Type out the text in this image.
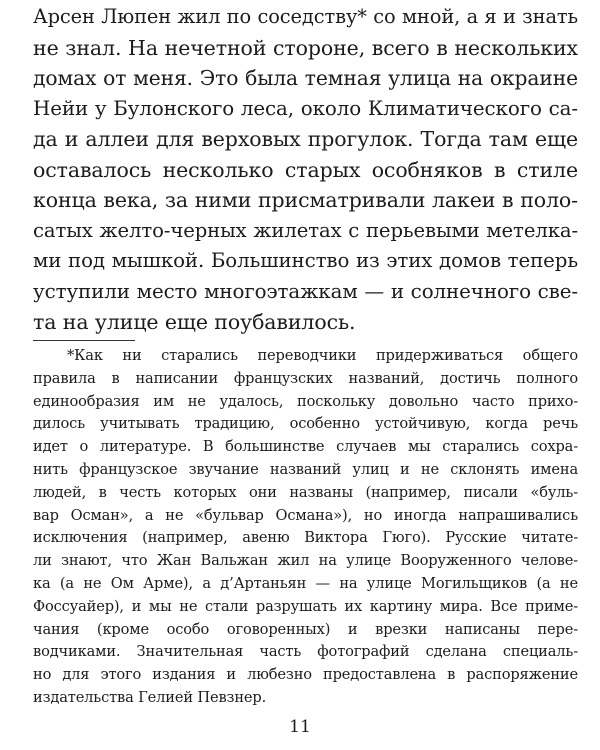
Арсен Люпен жил по соседству* со мной, а я и знать
не знал. На нечетной стороне, всего в нескольких
домах от меня. Это была темная улица на окраине
Нейи у Булонского леса, около Климатического са-
да и аллеи для верховых прогулок. Тогда там еще
оставалось несколько старых особняков в стиле
конца века, за ними присматривали лакеи в поло-
сатых желто-черных жилетах с перьевыми метелка-
ми под мышкой. Большинство из этих домов теперь
уступили место многоэтажкам — и солнечного све-
та на улице еще поубавилось.
*Как ни старались переводчики придерживаться общего
правила в написании французских названий, достичь полного
единообразия им не удалось, поскольку довольно часто прихо-
дилось учитывать традицию, особенно устойчивую, когда речь
идет о литературе. В большинстве случаев мы старались сохра-
нить французское звучание названий улиц и не склонять имена
людей, в честь которых они названы (например, писали «буль-
вар Осман», а не «бульвар Османа»), но иногда напрашивались
исключения (например, авеню Виктора Гюго). Русские читате-
ли знают, что Жан Вальжан жил на улице Вооруженного челове-
ка (а не Ом Арме), а д’Артаньян — на улице Могильщиков (а не
Фоссуайер), и мы не стали разрушать их картину мира. Все приме-
чания (кроме особо оговоренных) и врезки написаны пере-
водчиками. Значительная часть фотографий сделана специаль-
но для этого издания и любезно предоставлена в распоряжение
издательства Гелией Певзнер.
11
